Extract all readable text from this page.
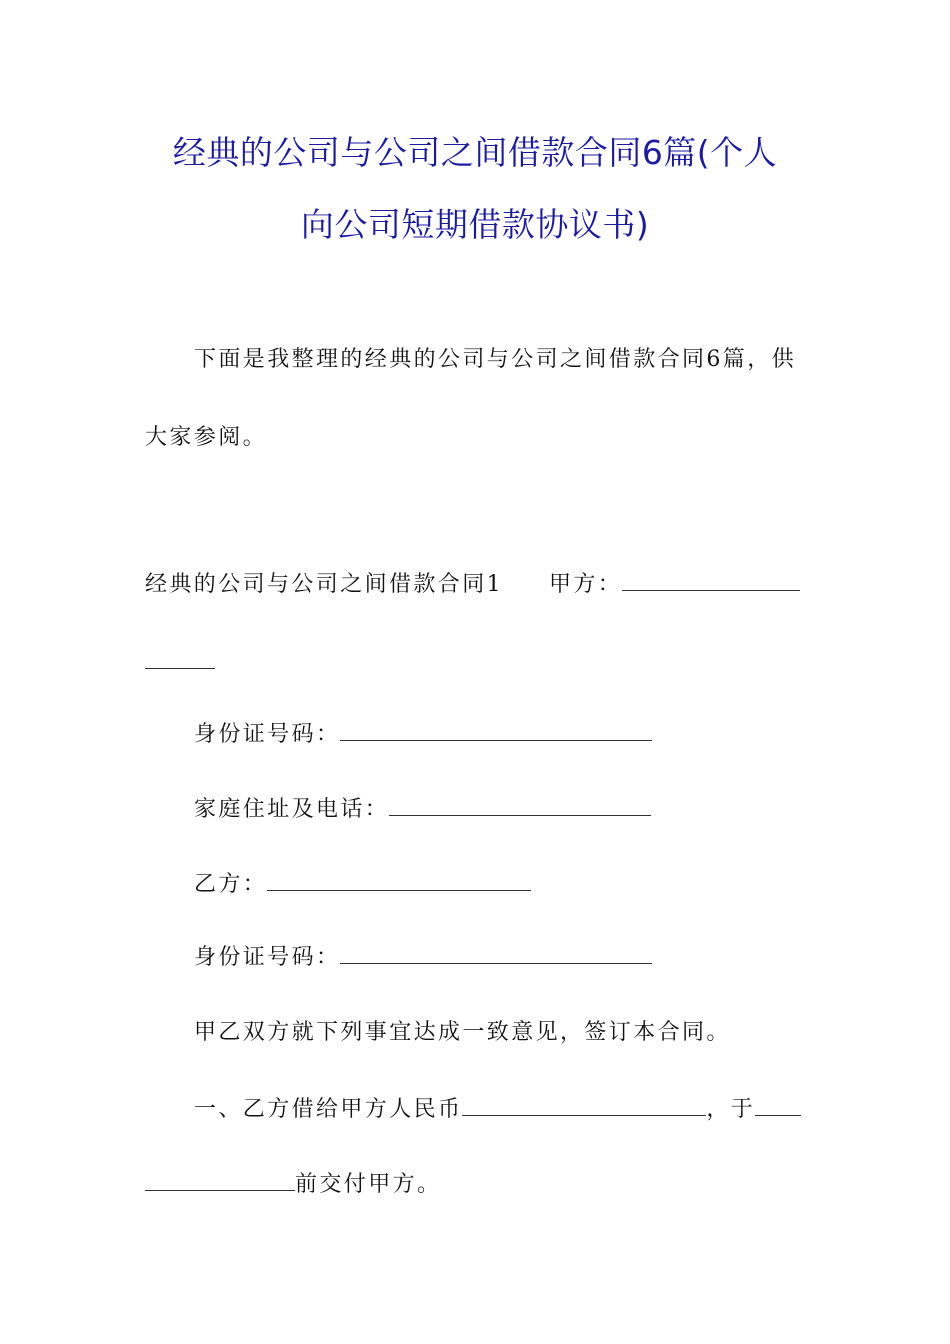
经典的公司与公司之间借款合同6篇(个人
向公司短期借款协议书)
下面是我整理的经典的公司与公司之间借款合同6篇，供
大家参阅。
经典的公司与公司之间借款合同1 甲方：
身份证号码：
家庭住址及电话：
乙方：
身份证号码：
甲乙双方就下列事宜达成一致意见，签订本合同。
一、乙方借给甲方人民币	，于
前交付甲方。
